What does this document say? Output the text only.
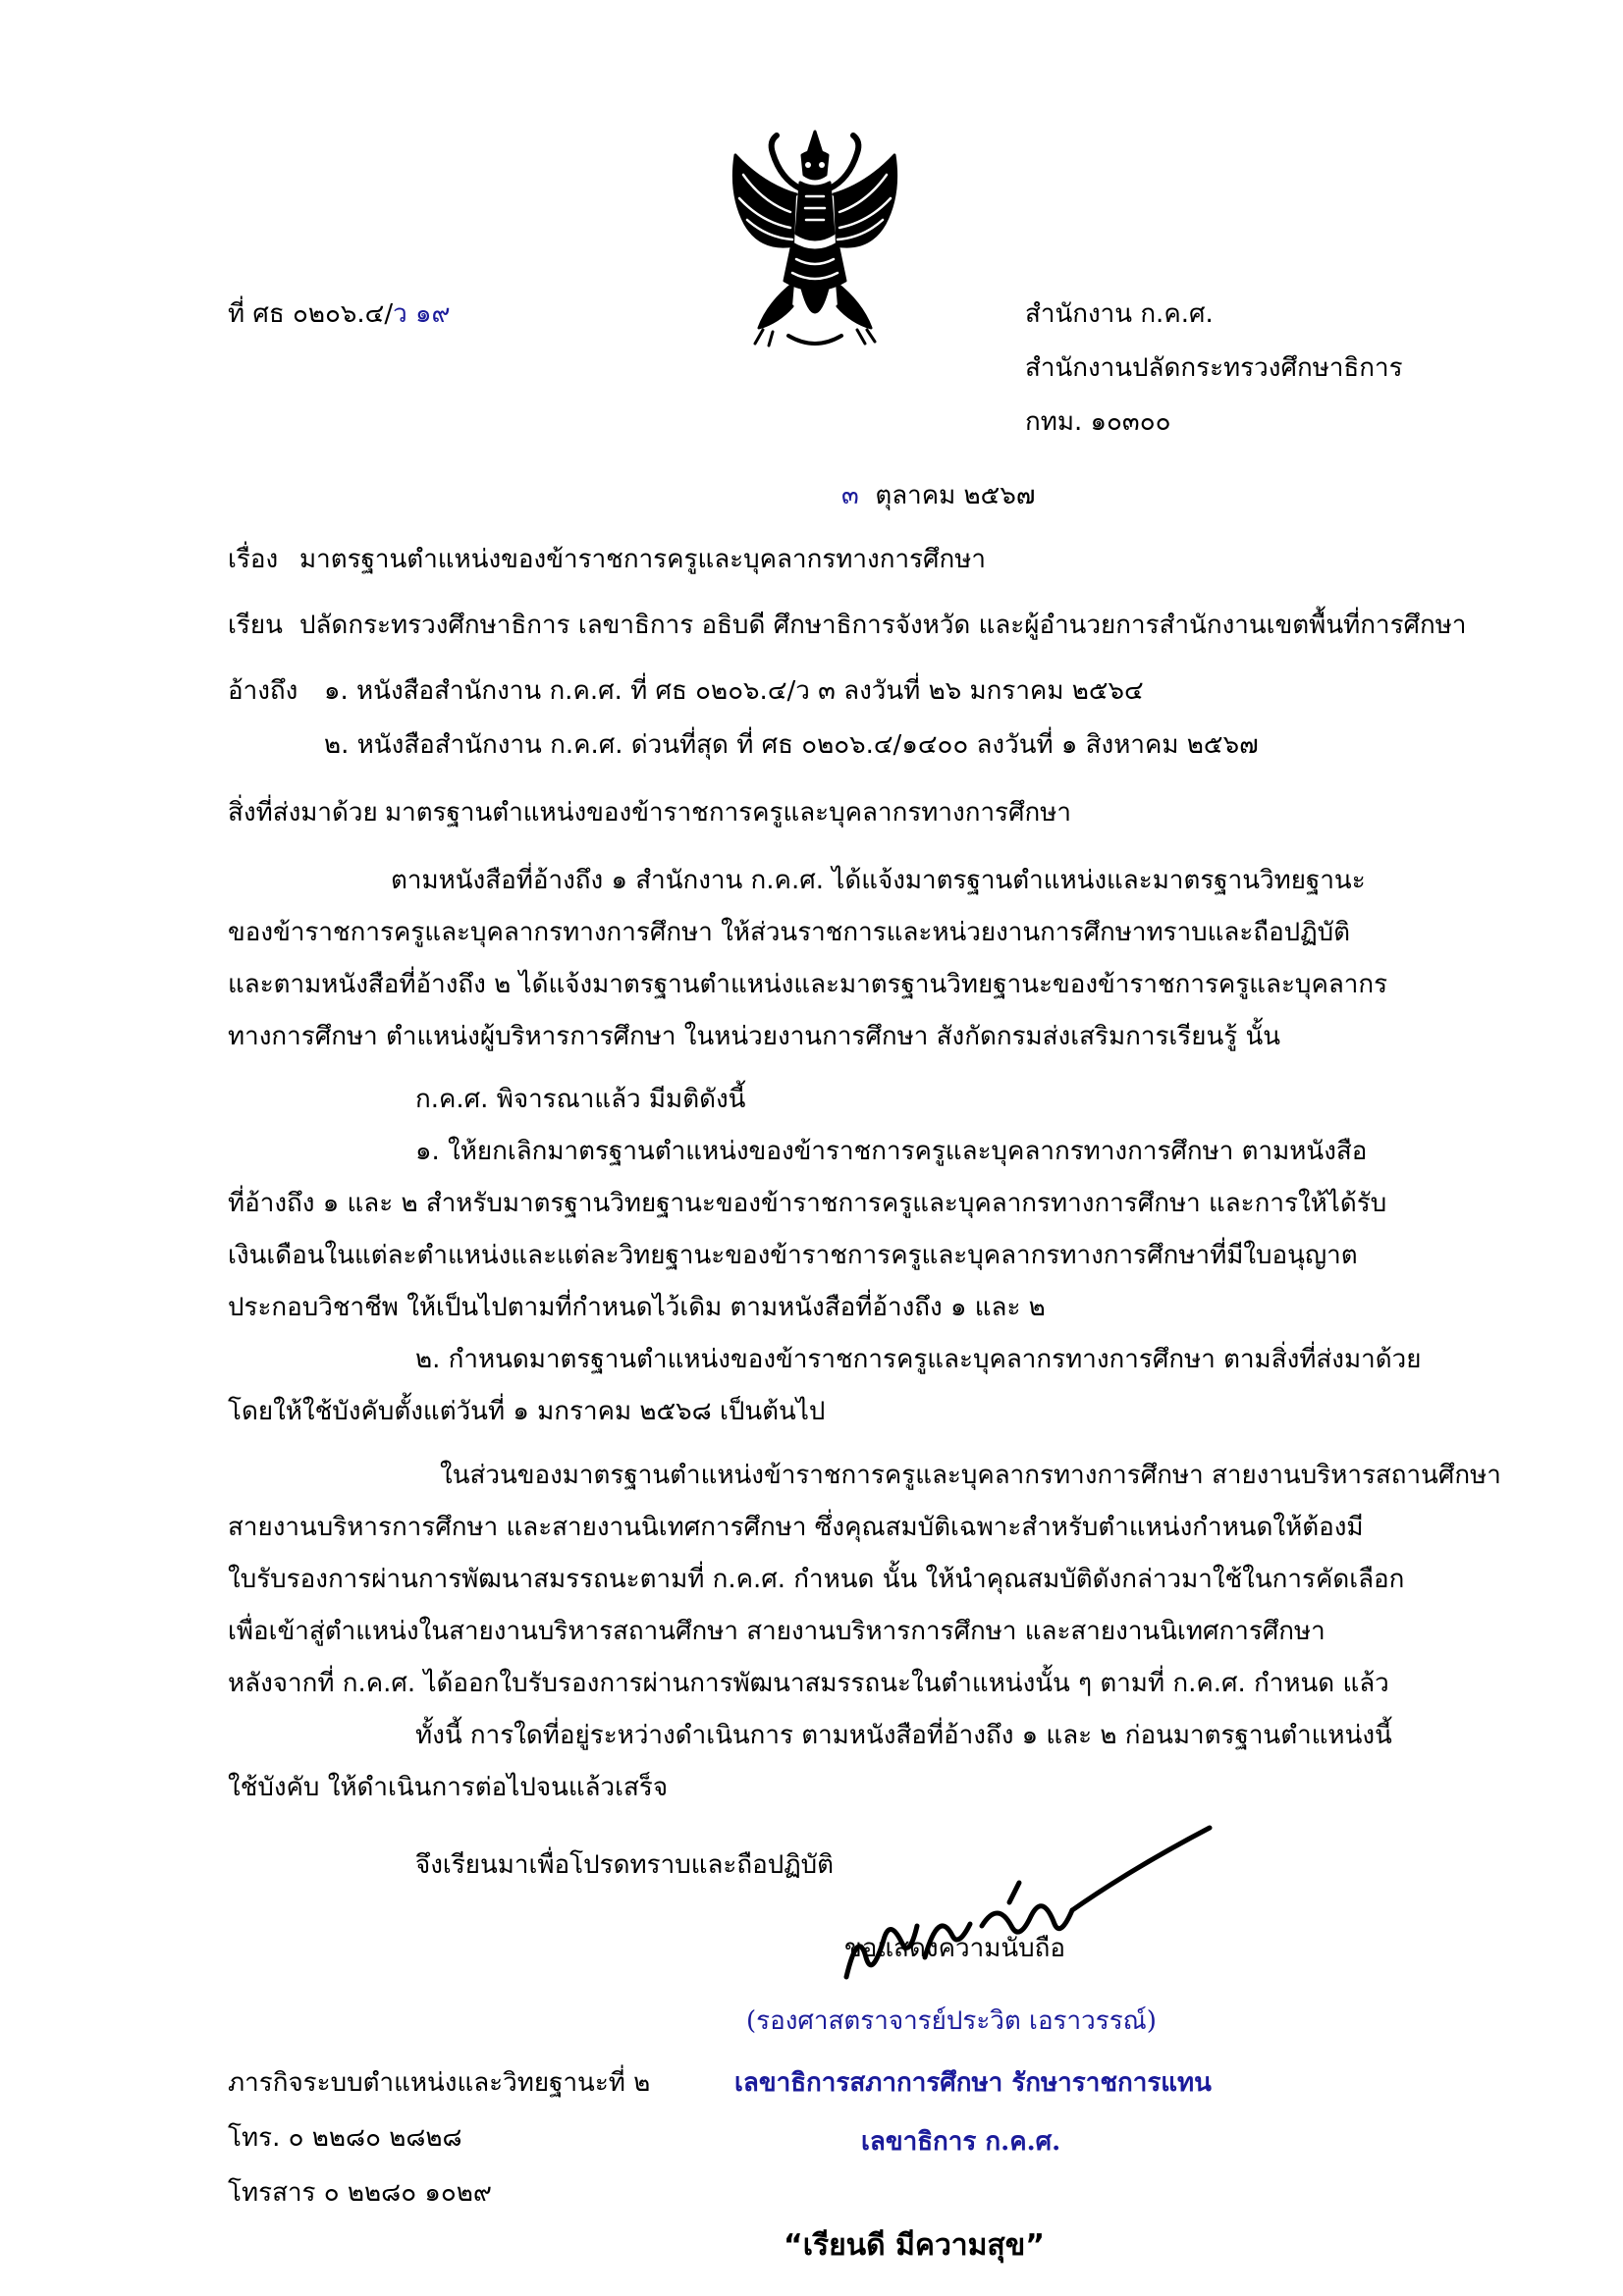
ที่ ศธ ๐๒๐๖.๔/ว ๑๙	สำนักงาน ก.ค.ศ.
สำนักงานปลัดกระทรวงศึกษาธิการ
กทม. ๑๐๓๐๐
๓ ตุลาคม ๒๕๖๗
เรื่อง มาตรฐานตำแหน่งของข้าราชการครูและบุคลากรทางการศึกษา
เรียน ปลัดกระทรวงศึกษาธิการ เลขาธิการ อธิบดี ศึกษาธิการจังหวัด และผู้อำนวยการสำนักงานเขตพื้นที่การศึกษา
อ้างถึง ๑. หนังสือสำนักงาน ก.ค.ศ. ที่ ศธ ๐๒๐๖.๔/ว ๓ ลงวันที่ ๒๖ มกราคม ๒๕๖๔
๒. หนังสือสำนักงาน ก.ค.ศ. ด่วนที่สุด ที่ ศธ ๐๒๐๖.๔/๑๔๐๐ ลงวันที่ ๑ สิงหาคม ๒๕๖๗
สิ่งที่ส่งมาด้วย มาตรฐานตำแหน่งของข้าราชการครูและบุคลากรทางการศึกษา
ตามหนังสือที่อ้างถึง ๑ สำนักงาน ก.ค.ศ. ได้แจ้งมาตรฐานตำแหน่งและมาตรฐานวิทยฐานะ
ของข้าราชการครูและบุคลากรทางการศึกษา ให้ส่วนราชการและหน่วยงานการศึกษาทราบและถือปฏิบัติ
และตามหนังสือที่อ้างถึง ๒ ได้แจ้งมาตรฐานตำแหน่งและมาตรฐานวิทยฐานะของข้าราชการครูและบุคลากร
ทางการศึกษา ตำแหน่งผู้บริหารการศึกษา ในหน่วยงานการศึกษา สังกัดกรมส่งเสริมการเรียนรู้ นั้น
ก.ค.ศ. พิจารณาแล้ว มีมติดังนี้
๑. ให้ยกเลิกมาตรฐานตำแหน่งของข้าราชการครูและบุคลากรทางการศึกษา ตามหนังสือ
ที่อ้างถึง ๑ และ ๒ สำหรับมาตรฐานวิทยฐานะของข้าราชการครูและบุคลากรทางการศึกษา และการให้ได้รับ
เงินเดือนในแต่ละตำแหน่งและแต่ละวิทยฐานะของข้าราชการครูและบุคลากรทางการศึกษาที่มีใบอนุญาต
ประกอบวิชาชีพ ให้เป็นไปตามที่กำหนดไว้เดิม ตามหนังสือที่อ้างถึง ๑ และ ๒
๒. กำหนดมาตรฐานตำแหน่งของข้าราชการครูและบุคลากรทางการศึกษา ตามสิ่งที่ส่งมาด้วย
โดยให้ใช้บังคับตั้งแต่วันที่ ๑ มกราคม ๒๕๖๘ เป็นต้นไป
ในส่วนของมาตรฐานตำแหน่งข้าราชการครูและบุคลากรทางการศึกษา สายงานบริหารสถานศึกษา
สายงานบริหารการศึกษา และสายงานนิเทศการศึกษา ซึ่งคุณสมบัติเฉพาะสำหรับตำแหน่งกำหนดให้ต้องมี
ใบรับรองการผ่านการพัฒนาสมรรถนะตามที่ ก.ค.ศ. กำหนด นั้น ให้นำคุณสมบัติดังกล่าวมาใช้ในการคัดเลือก
เพื่อเข้าสู่ตำแหน่งในสายงานบริหารสถานศึกษา สายงานบริหารการศึกษา และสายงานนิเทศการศึกษา
หลังจากที่ ก.ค.ศ. ได้ออกใบรับรองการผ่านการพัฒนาสมรรถนะในตำแหน่งนั้น ๆ ตามที่ ก.ค.ศ. กำหนด แล้ว
ทั้งนี้ การใดที่อยู่ระหว่างดำเนินการ ตามหนังสือที่อ้างถึง ๑ และ ๒ ก่อนมาตรฐานตำแหน่งนี้
ใช้บังคับ ให้ดำเนินการต่อไปจนแล้วเสร็จ
จึงเรียนมาเพื่อโปรดทราบและถือปฏิบัติ
ขอแสดงความนับถือ
(รองศาสตราจารย์ประวิต เอราวรรณ์)
เลขาธิการสภาการศึกษา รักษาราชการแทน
เลขาธิการ ก.ค.ศ.
ภารกิจระบบตำแหน่งและวิทยฐานะที่ ๒
โทร. ๐ ๒๒๘๐ ๒๘๒๘
โทรสาร ๐ ๒๒๘๐ ๑๐๒๙
“เรียนดี มีความสุข”
